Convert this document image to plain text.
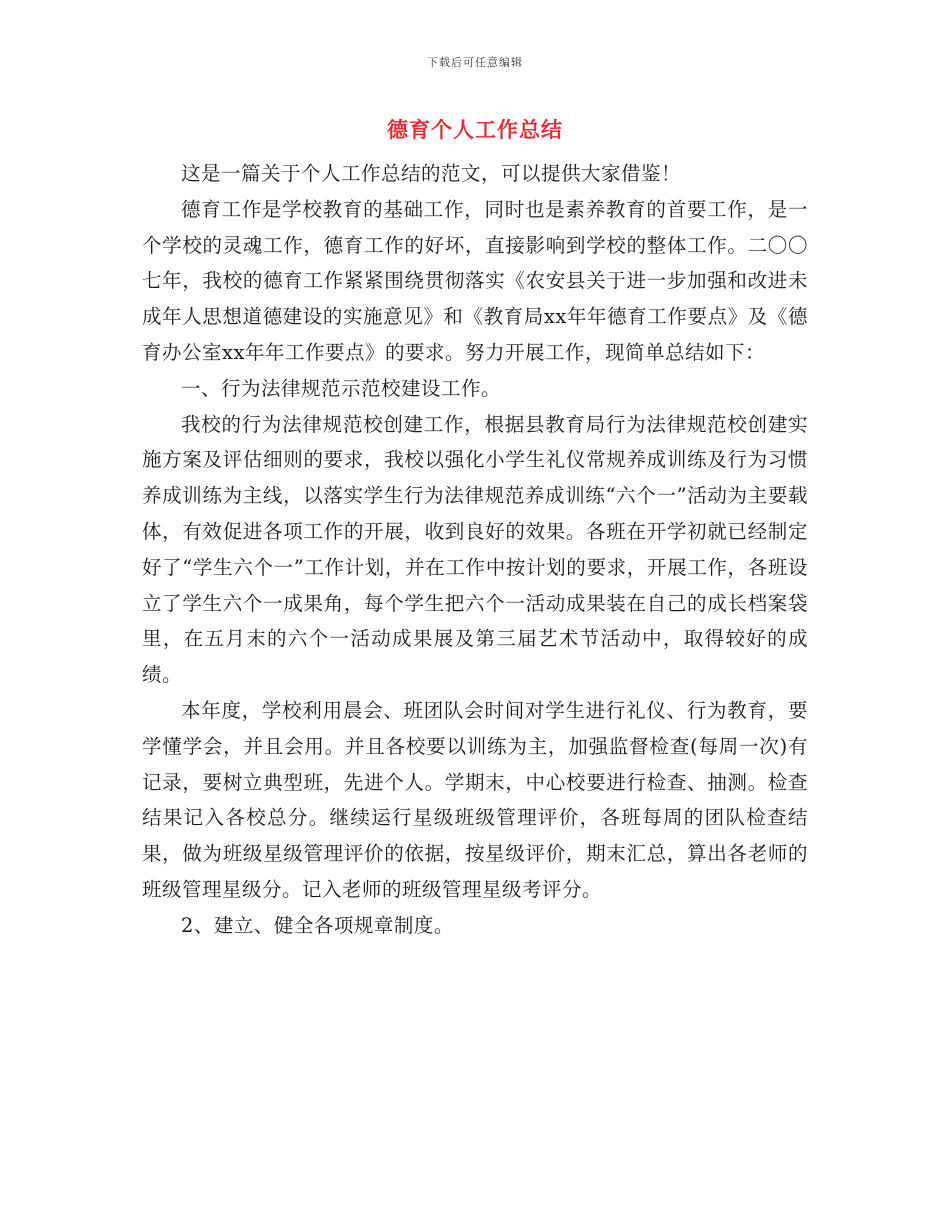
下载后可任意编辑
德育个人工作总结

这是一篇关于个人工作总结的范文，可以提供大家借鉴！

德育工作是学校教育的基础工作，同时也是素养教育的首要工作，是一个学校的灵魂工作，德育工作的好坏，直接影响到学校的整体工作。二〇〇七年，我校的德育工作紧紧围绕贯彻落实《农安县关于进一步加强和改进未成年人思想道德建设的实施意见》和《教育局xx年年德育工作要点》及《德育办公室xx年年工作要点》的要求。努力开展工作，现简单总结如下：

一、行为法律规范示范校建设工作。

我校的行为法律规范校创建工作，根据县教育局行为法律规范校创建实施方案及评估细则的要求，我校以强化小学生礼仪常规养成训练及行为习惯养成训练为主线，以落实学生行为法律规范养成训练“六个一”活动为主要载体，有效促进各项工作的开展，收到良好的效果。各班在开学初就已经制定好了“学生六个一”工作计划，并在工作中按计划的要求，开展工作，各班设立了学生六个一成果角，每个学生把六个一活动成果装在自己的成长档案袋里，在五月末的六个一活动成果展及第三届艺术节活动中，取得较好的成绩。

本年度，学校利用晨会、班团队会时间对学生进行礼仪、行为教育，要学懂学会，并且会用。并且各校要以训练为主，加强监督检查(每周一次)有记录，要树立典型班，先进个人。学期末，中心校要进行检查、抽测。检查结果记入各校总分。继续运行星级班级管理评价，各班每周的团队检查结果，做为班级星级管理评价的依据，按星级评价，期末汇总，算出各老师的班级管理星级分。记入老师的班级管理星级考评分。

2、建立、健全各项规章制度。
